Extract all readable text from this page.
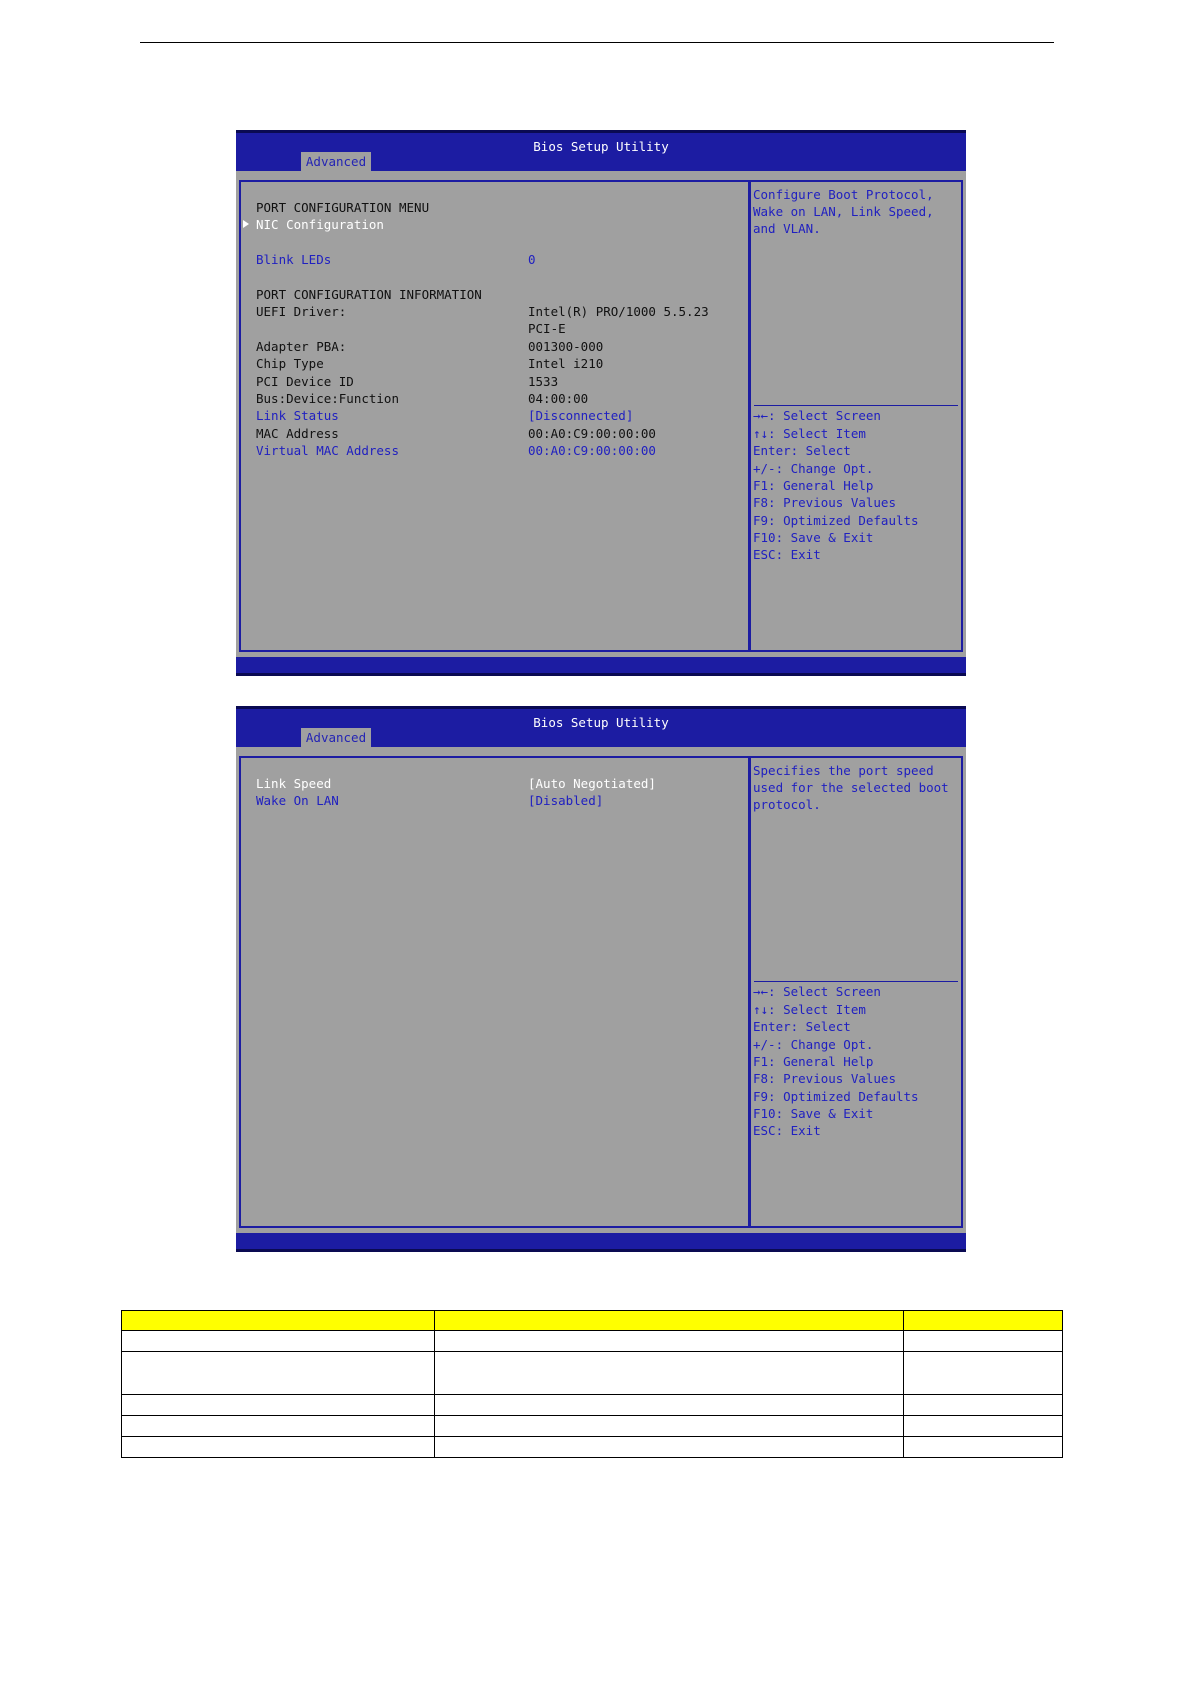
Bios Setup Utility
Advanced
PORT CONFIGURATION MENU
NIC Configuration
Blink LEDs	0
PORT CONFIGURATION INFORMATION
UEFI Driver:	Intel(R) PRO/1000 5.5.23
PCI-E
Adapter PBA:	001300-000
Chip Type	Intel i210
PCI Device ID	1533
Bus:Device:Function	04:00:00
Link Status	[Disconnected]
MAC Address	00:A0:C9:00:00:00
Virtual MAC Address	00:A0:C9:00:00:00
Configure Boot Protocol,
Wake on LAN, Link Speed,
and VLAN.
→←: Select Screen
↑↓: Select Item
Enter: Select
+/-: Change Opt.
F1: General Help
F8: Previous Values
F9: Optimized Defaults
F10: Save & Exit
ESC: Exit
Bios Setup Utility
Advanced
Link Speed	[Auto Negotiated]
Wake On LAN	[Disabled]
Specifies the port speed
used for the selected boot
protocol.
→←: Select Screen
↑↓: Select Item
Enter: Select
+/-: Change Opt.
F1: General Help
F8: Previous Values
F9: Optimized Defaults
F10: Save & Exit
ESC: Exit
